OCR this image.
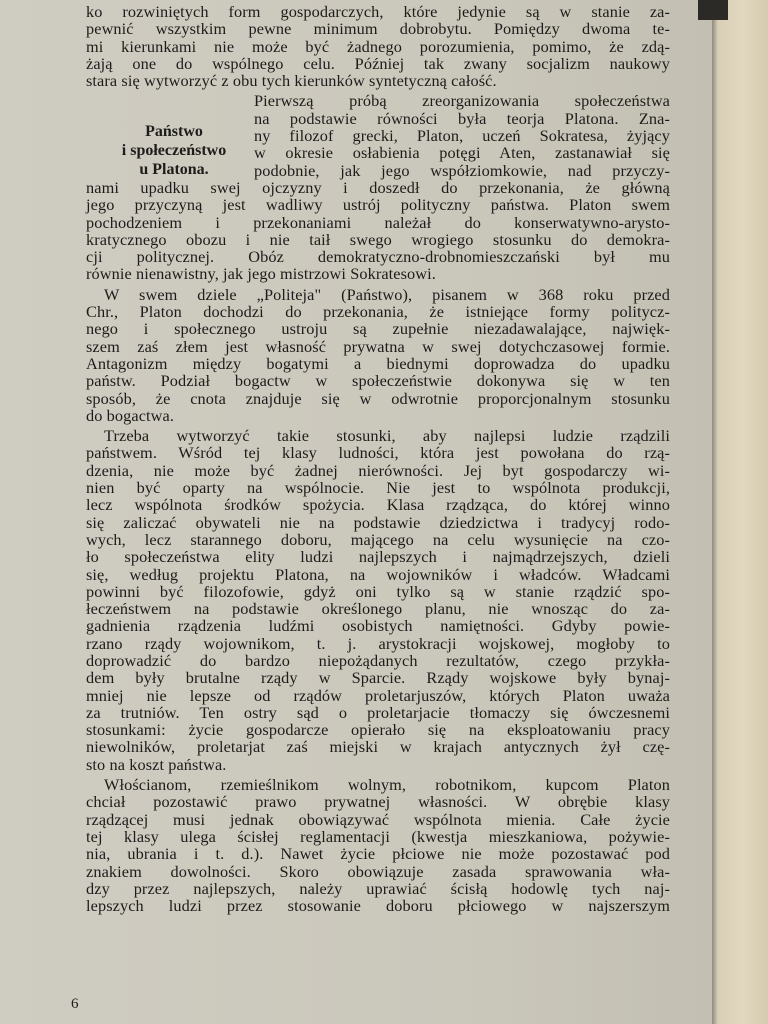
Państwo
i społeczeństwo
u Platona.
ko rozwiniętych form gospodarczych, które jedynie są w stanie za-
pewnić wszystkim pewne minimum dobrobytu. Pomiędzy dwoma te-
mi kierunkami nie może być żadnego porozumienia, pomimo, że zdą-
żają one do wspólnego celu. Później tak zwany socjalizm naukowy
stara się wytworzyć z obu tych kierunków syntetyczną całość.
Pierwszą próbą zreorganizowania społeczeństwa
na podstawie równości była teorja Platona. Zna-
ny filozof grecki, Platon, uczeń Sokratesa, żyjący
w okresie osłabienia potęgi Aten, zastanawiał się
podobnie, jak jego współziomkowie, nad przyczy-
nami upadku swej ojczyzny i doszedł do przekonania, że główną
jego przyczyną jest wadliwy ustrój polityczny państwa. Platon swem
pochodzeniem i przekonaniami należał do konserwatywno-arysto-
kratycznego obozu i nie taił swego wrogiego stosunku do demokra-
cji politycznej. Obóz demokratyczno-drobnomieszczański był mu
równie nienawistny, jak jego mistrzowi Sokratesowi.
W swem dziele „Politeja" (Państwo), pisanem w 368 roku przed
Chr., Platon dochodzi do przekonania, że istniejące formy politycz-
nego i społecznego ustroju są zupełnie niezadawalające, najwięk-
szem zaś złem jest własność prywatna w swej dotychczasowej formie.
Antagonizm między bogatymi a biednymi doprowadza do upadku
państw. Podział bogactw w społeczeństwie dokonywa się w ten
sposób, że cnota znajduje się w odwrotnie proporcjonalnym stosunku
do bogactwa.
Trzeba wytworzyć takie stosunki, aby najlepsi ludzie rządzili
państwem. Wśród tej klasy ludności, która jest powołana do rzą-
dzenia, nie może być żadnej nierówności. Jej byt gospodarczy wi-
nien być oparty na wspólnocie. Nie jest to wspólnota produkcji,
lecz wspólnota środków spożycia. Klasa rządząca, do której winno
się zaliczać obywateli nie na podstawie dziedzictwa i tradycyj rodo-
wych, lecz starannego doboru, mającego na celu wysunięcie na czo-
ło społeczeństwa elity ludzi najlepszych i najmądrzejszych, dzieli
się, według projektu Platona, na wojowników i władców. Władcami
powinni być filozofowie, gdyż oni tylko są w stanie rządzić spo-
łeczeństwem na podstawie określonego planu, nie wnosząc do za-
gadnienia rządzenia ludźmi osobistych namiętności. Gdyby powie-
rzano rządy wojownikom, t. j. arystokracji wojskowej, mogłoby to
doprowadzić do bardzo niepożądanych rezultatów, czego przykła-
dem były brutalne rządy w Sparcie. Rządy wojskowe były bynaj-
mniej nie lepsze od rządów proletarjuszów, których Platon uważa
za trutniów. Ten ostry sąd o proletarjacie tłomaczy się ówczesnemi
stosunkami: życie gospodarcze opierało się na eksploatowaniu pracy
niewolników, proletarjat zaś miejski w krajach antycznych żył czę-
sto na koszt państwa.
Włościanom, rzemieślnikom wolnym, robotnikom, kupcom Platon
chciał pozostawić prawo prywatnej własności. W obrębie klasy
rządzącej musi jednak obowiązywać wspólnota mienia. Całe życie
tej klasy ulega ścisłej reglamentacji (kwestja mieszkaniowa, pożywie-
nia, ubrania i t. d.). Nawet życie płciowe nie może pozostawać pod
znakiem dowolności. Skoro obowiązuje zasada sprawowania wła-
dzy przez najlepszych, należy uprawiać ścisłą hodowlę tych naj-
lepszych ludzi przez stosowanie doboru płciowego w najszerszym
6
